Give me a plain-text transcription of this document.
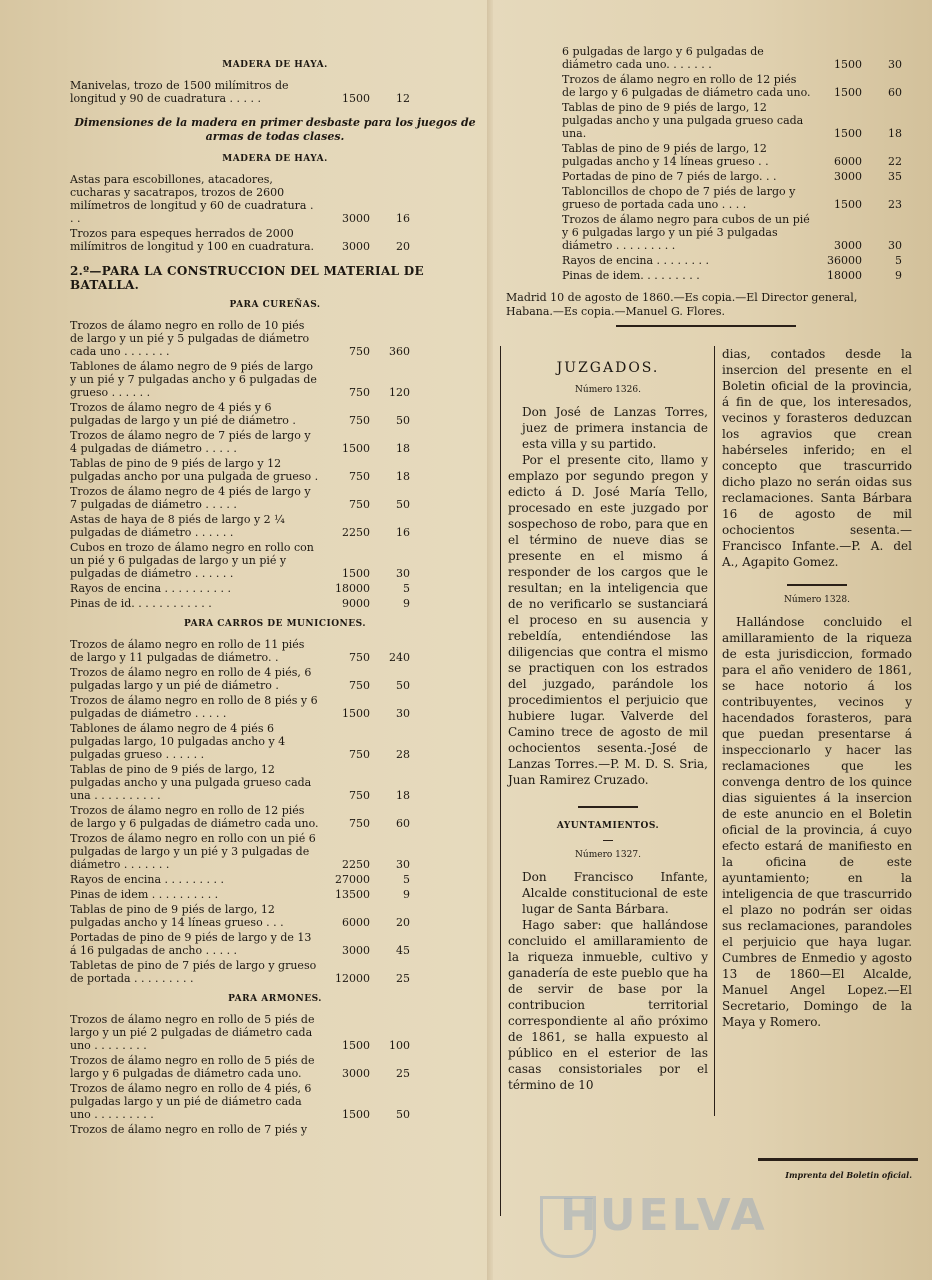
MADERA DE HAYA.
Manivelas, trozo de 1500 milímitros de longitud y 90 de cuadratura . . . . .	1500	12
Dimensiones de la madera en primer desbaste para los juegos de armas de todas clases.
MADERA DE HAYA.
Astas para escobillones, atacadores, cucharas y sacatrapos, trozos de 2600 milímetros de longitud y 60 de cuadratura . . .	3000	16
Trozos para espeques herrados de 2000 milímitros de longitud y 100 en cuadratura.	3000	20
2.º—PARA LA CONSTRUCCION DEL MATERIAL DE BATALLA.
PARA CUREÑAS.
Trozos de álamo negro en rollo de 10 piés de largo y un pié y 5 pulgadas de diámetro cada uno . . . . . . .	750	360
Tablones de álamo negro de 9 piés de largo y un pié y 7 pulgadas ancho y 6 pulgadas de grueso . . . . . .	750	120
Trozos de álamo negro de 4 piés y 6 pulgadas de largo y un pié de diámetro .	750	50
Trozos de álamo negro de 7 piés de largo y 4 pulgadas de diámetro . . . . .	1500	18
Tablas de pino de 9 piés de largo y 12 pulgadas ancho por una pulgada de grueso .	750	18
Trozos de álamo negro de 4 piés de largo y 7 pulgadas de diámetro . . . . .	750	50
Astas de haya de 8 piés de largo y 2 ¼ pulgadas de diámetro . . . . . .	2250	16
Cubos en trozo de álamo negro en rollo con un pié y 6 pulgadas de largo y un pié y pulgadas de diámetro . . . . . .	1500	30
Rayos de encina . . . . . . . . . .	18000	5
Pinas de id. . . . . . . . . . . .	9000	9
PARA CARROS DE MUNICIONES.
Trozos de álamo negro en rollo de 11 piés de largo y 11 pulgadas de diámetro. .	750	240
Trozos de álamo negro en rollo de 4 piés, 6 pulgadas largo y un pié de diámetro .	750	50
Trozos de álamo negro en rollo de 8 piés y 6 pulgadas de diámetro . . . . .	1500	30
Tablones de álamo negro de 4 piés 6 pulgadas largo, 10 pulgadas ancho y 4 pulgadas grueso . . . . . .	750	28
Tablas de pino de 9 piés de largo, 12 pulgadas ancho y una pulgada grueso cada una . . . . . . . . . .	750	18
Trozos de álamo negro en rollo de 12 piés de largo y 6 pulgadas de diámetro cada uno.	750	60
Trozos de álamo negro en rollo con un pié 6 pulgadas de largo y un pié y 3 pulgadas de diámetro . . . . . . .	2250	30
Rayos de encina . . . . . . . . .	27000	5
Pinas de idem . . . . . . . . . .	13500	9
Tablas de pino de 9 piés de largo, 12 pulgadas ancho y 14 líneas grueso . . .	6000	20
Portadas de pino de 9 piés de largo y de 13 á 16 pulgadas de ancho . . . . .	3000	45
Tabletas de pino de 7 piés de largo y grueso de portada . . . . . . . . .	12000	25
PARA ARMONES.
Trozos de álamo negro en rollo de 5 piés de largo y un pié 2 pulgadas de diámetro cada uno . . . . . . . .	1500	100
Trozos de álamo negro en rollo de 5 piés de largo y 6 pulgadas de diámetro cada uno.	3000	25
Trozos de álamo negro en rollo de 4 piés, 6 pulgadas largo y un pié de diámetro cada uno . . . . . . . . .	1500	50
Trozos de álamo negro en rollo de 7 piés y		
6 pulgadas de largo y 6 pulgadas de diámetro cada uno. . . . . . .	1500	30
Trozos de álamo negro en rollo de 12 piés de largo y 6 pulgadas de diámetro cada uno.	1500	60
Tablas de pino de 9 piés de largo, 12 pulgadas ancho y una pulgada grueso cada una.	1500	18
Tablas de pino de 9 piés de largo, 12 pulgadas ancho y 14 líneas grueso . .	6000	22
Portadas de pino de 7 piés de largo. . .	3000	35
Tabloncillos de chopo de 7 piés de largo y grueso de portada cada uno . . . .	1500	23
Trozos de álamo negro para cubos de un pié y 6 pulgadas largo y un pié 3 pulgadas diámetro . . . . . . . . .	3000	30
Rayos de encina . . . . . . . .	36000	5
Pinas de idem. . . . . . . . .	18000	9
Madrid 10 de agosto de 1860.—Es copia.—El Director general, Habana.—Es copia.—Manuel G. Flores.
JUZGADOS.
Número 1326.

Don José de Lanzas Torres, juez de primera instancia de esta villa y su partido.

Por el presente cito, llamo y emplazo por segundo pregon y edicto á D. José María Tello, procesado en este juzgado por sospechoso de robo, para que en el término de nueve dias se presente en el mismo á responder de los cargos que le resultan; en la inteligencia que de no verificarlo se sustanciará el proceso en su ausencia y rebeldía, entendiéndose las diligencias que contra el mismo se practiquen con los estrados del juzgado, parándole los procedimientos el perjuicio que hubiere lugar. Valverde del Camino trece de agosto de mil ochocientos sesenta.-José de Lanzas Torres.—P. M. D. S. Sria, Juan Ramirez Cruzado.

AYUNTAMIENTOS.
Número 1327.

Don Francisco Infante, Alcalde constitucional de este lugar de Santa Bárbara.

Hago saber: que hallándose concluido el amillaramiento de la riqueza inmueble, cultivo y ganadería de este pueblo que ha de servir de base por la contribucion territorial correspondiente al año próximo de 1861, se halla expuesto al público en el esterior de las casas consistoriales por el término de 10

dias, contados desde la insercion del presente en el Boletin oficial de la provincia, á fin de que, los interesados, vecinos y forasteros deduzcan los agravios que crean habérseles inferido; en el concepto que trascurrido dicho plazo no serán oidas sus reclamaciones. Santa Bárbara 16 de agosto de mil ochocientos sesenta.—Francisco Infante.—P. A. del A., Agapito Gomez.

Número 1328.

Hallándose concluido el amillaramiento de la riqueza de esta jurisdiccion, formado para el año venidero de 1861, se hace notorio á los contribuyentes, vecinos y hacendados forasteros, para que puedan presentarse á inspeccionarlo y hacer las reclamaciones que les convenga dentro de los quince dias siguientes á la insercion de este anuncio en el Boletin oficial de la provincia, á cuyo efecto estará de manifiesto en la oficina de este ayuntamiento; en la inteligencia de que trascurrido el plazo no podrán ser oidas sus reclamaciones, parandoles el perjuicio que haya lugar. Cumbres de Enmedio y agosto 13 de 1860—El Alcalde, Manuel Angel Lopez.—El Secretario, Domingo de la Maya y Romero.

Imprenta del Boletin oficial.
HUELVA
